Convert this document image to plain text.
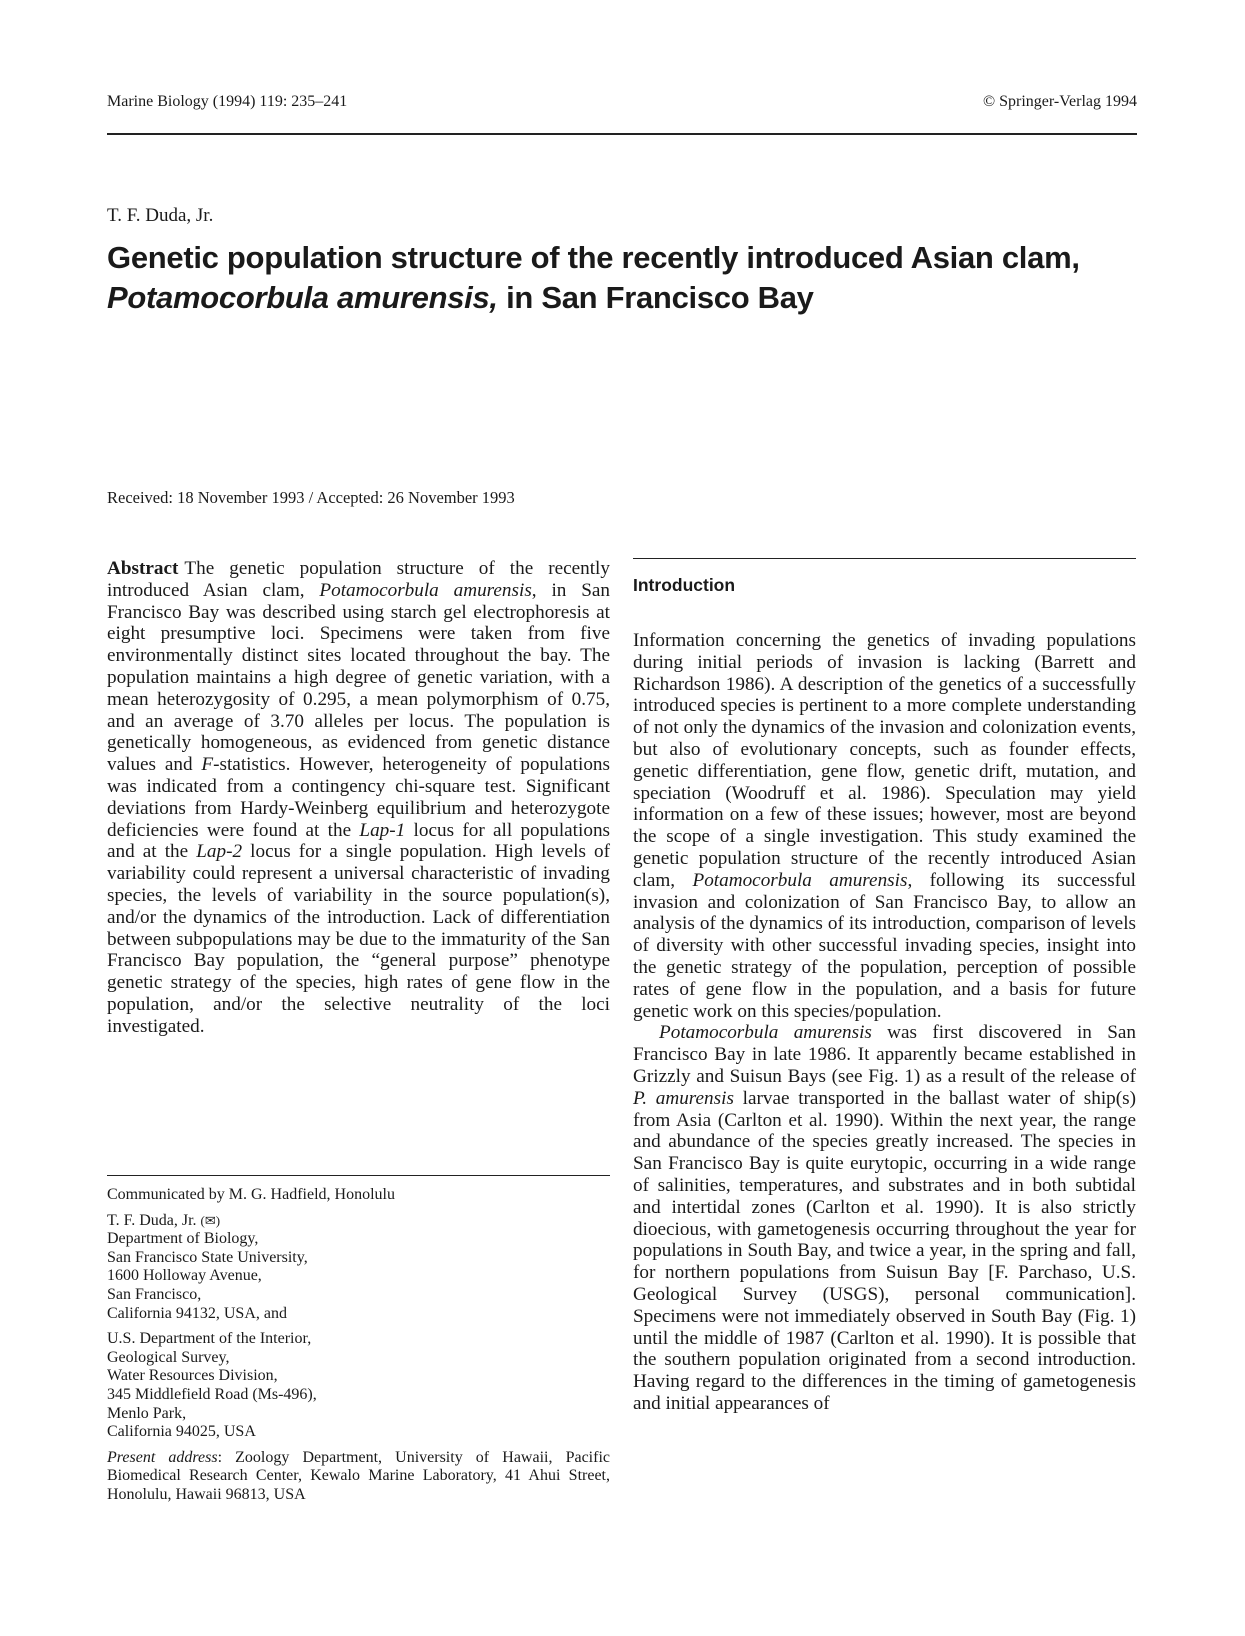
Marine Biology (1994) 119: 235–241	© Springer-Verlag 1994
T. F. Duda, Jr.
Genetic population structure of the recently introduced Asian clam,
Potamocorbula amurensis, in San Francisco Bay
Received: 18 November 1993 / Accepted: 26 November 1993

Abstract The genetic population structure of the recently introduced Asian clam, Potamocorbula amurensis, in San Francisco Bay was described using starch gel electrophoresis at eight presumptive loci. Specimens were taken from five environmentally distinct sites located throughout the bay. The population maintains a high degree of genetic variation, with a mean heterozygosity of 0.295, a mean polymorphism of 0.75, and an average of 3.70 alleles per locus. The population is genetically homogeneous, as evidenced from genetic distance values and F-statistics. However, heterogeneity of populations was indicated from a contingency chi-square test. Significant deviations from Hardy-Weinberg equilibrium and heterozygote deficiencies were found at the Lap-1 locus for all populations and at the Lap-2 locus for a single population. High levels of variability could represent a universal characteristic of invading species, the levels of variability in the source population(s), and/or the dynamics of the introduction. Lack of differentiation between subpopulations may be due to the immaturity of the San Francisco Bay population, the “general purpose” phenotype genetic strategy of the species, high rates of gene flow in the population, and/or the selective neutrality of the loci investigated.

Communicated by M. G. Hadfield, Honolulu

T. F. Duda, Jr. (✉)
Department of Biology,
San Francisco State University,
1600 Holloway Avenue,
San Francisco,
California 94132, USA, and

U.S. Department of the Interior,
Geological Survey,
Water Resources Division,
345 Middlefield Road (Ms-496),
Menlo Park,
California 94025, USA

Present address: Zoology Department, University of Hawaii, Pacific Biomedical Research Center, Kewalo Marine Laboratory, 41 Ahui Street, Honolulu, Hawaii 96813, USA

Introduction

Information concerning the genetics of invading populations during initial periods of invasion is lacking (Barrett and Richardson 1986). A description of the genetics of a successfully introduced species is pertinent to a more complete understanding of not only the dynamics of the invasion and colonization events, but also of evolutionary concepts, such as founder effects, genetic differentiation, gene flow, genetic drift, mutation, and speciation (Woodruff et al. 1986). Speculation may yield information on a few of these issues; however, most are beyond the scope of a single investigation. This study examined the genetic population structure of the recently introduced Asian clam, Potamocorbula amurensis, following its successful invasion and colonization of San Francisco Bay, to allow an analysis of the dynamics of its introduction, comparison of levels of diversity with other successful invading species, insight into the genetic strategy of the population, perception of possible rates of gene flow in the population, and a basis for future genetic work on this species/population.

Potamocorbula amurensis was first discovered in San Francisco Bay in late 1986. It apparently became established in Grizzly and Suisun Bays (see Fig. 1) as a result of the release of P. amurensis larvae transported in the ballast water of ship(s) from Asia (Carlton et al. 1990). Within the next year, the range and abundance of the species greatly increased. The species in San Francisco Bay is quite eurytopic, occurring in a wide range of salinities, temperatures, and substrates and in both subtidal and intertidal zones (Carlton et al. 1990). It is also strictly dioecious, with gametogenesis occurring throughout the year for populations in South Bay, and twice a year, in the spring and fall, for northern populations from Suisun Bay [F. Parchaso, U.S. Geological Survey (USGS), personal communication]. Specimens were not immediately observed in South Bay (Fig. 1) until the middle of 1987 (Carlton et al. 1990). It is possible that the southern population originated from a second introduction. Having regard to the differences in the timing of gametogenesis and initial appearances of
